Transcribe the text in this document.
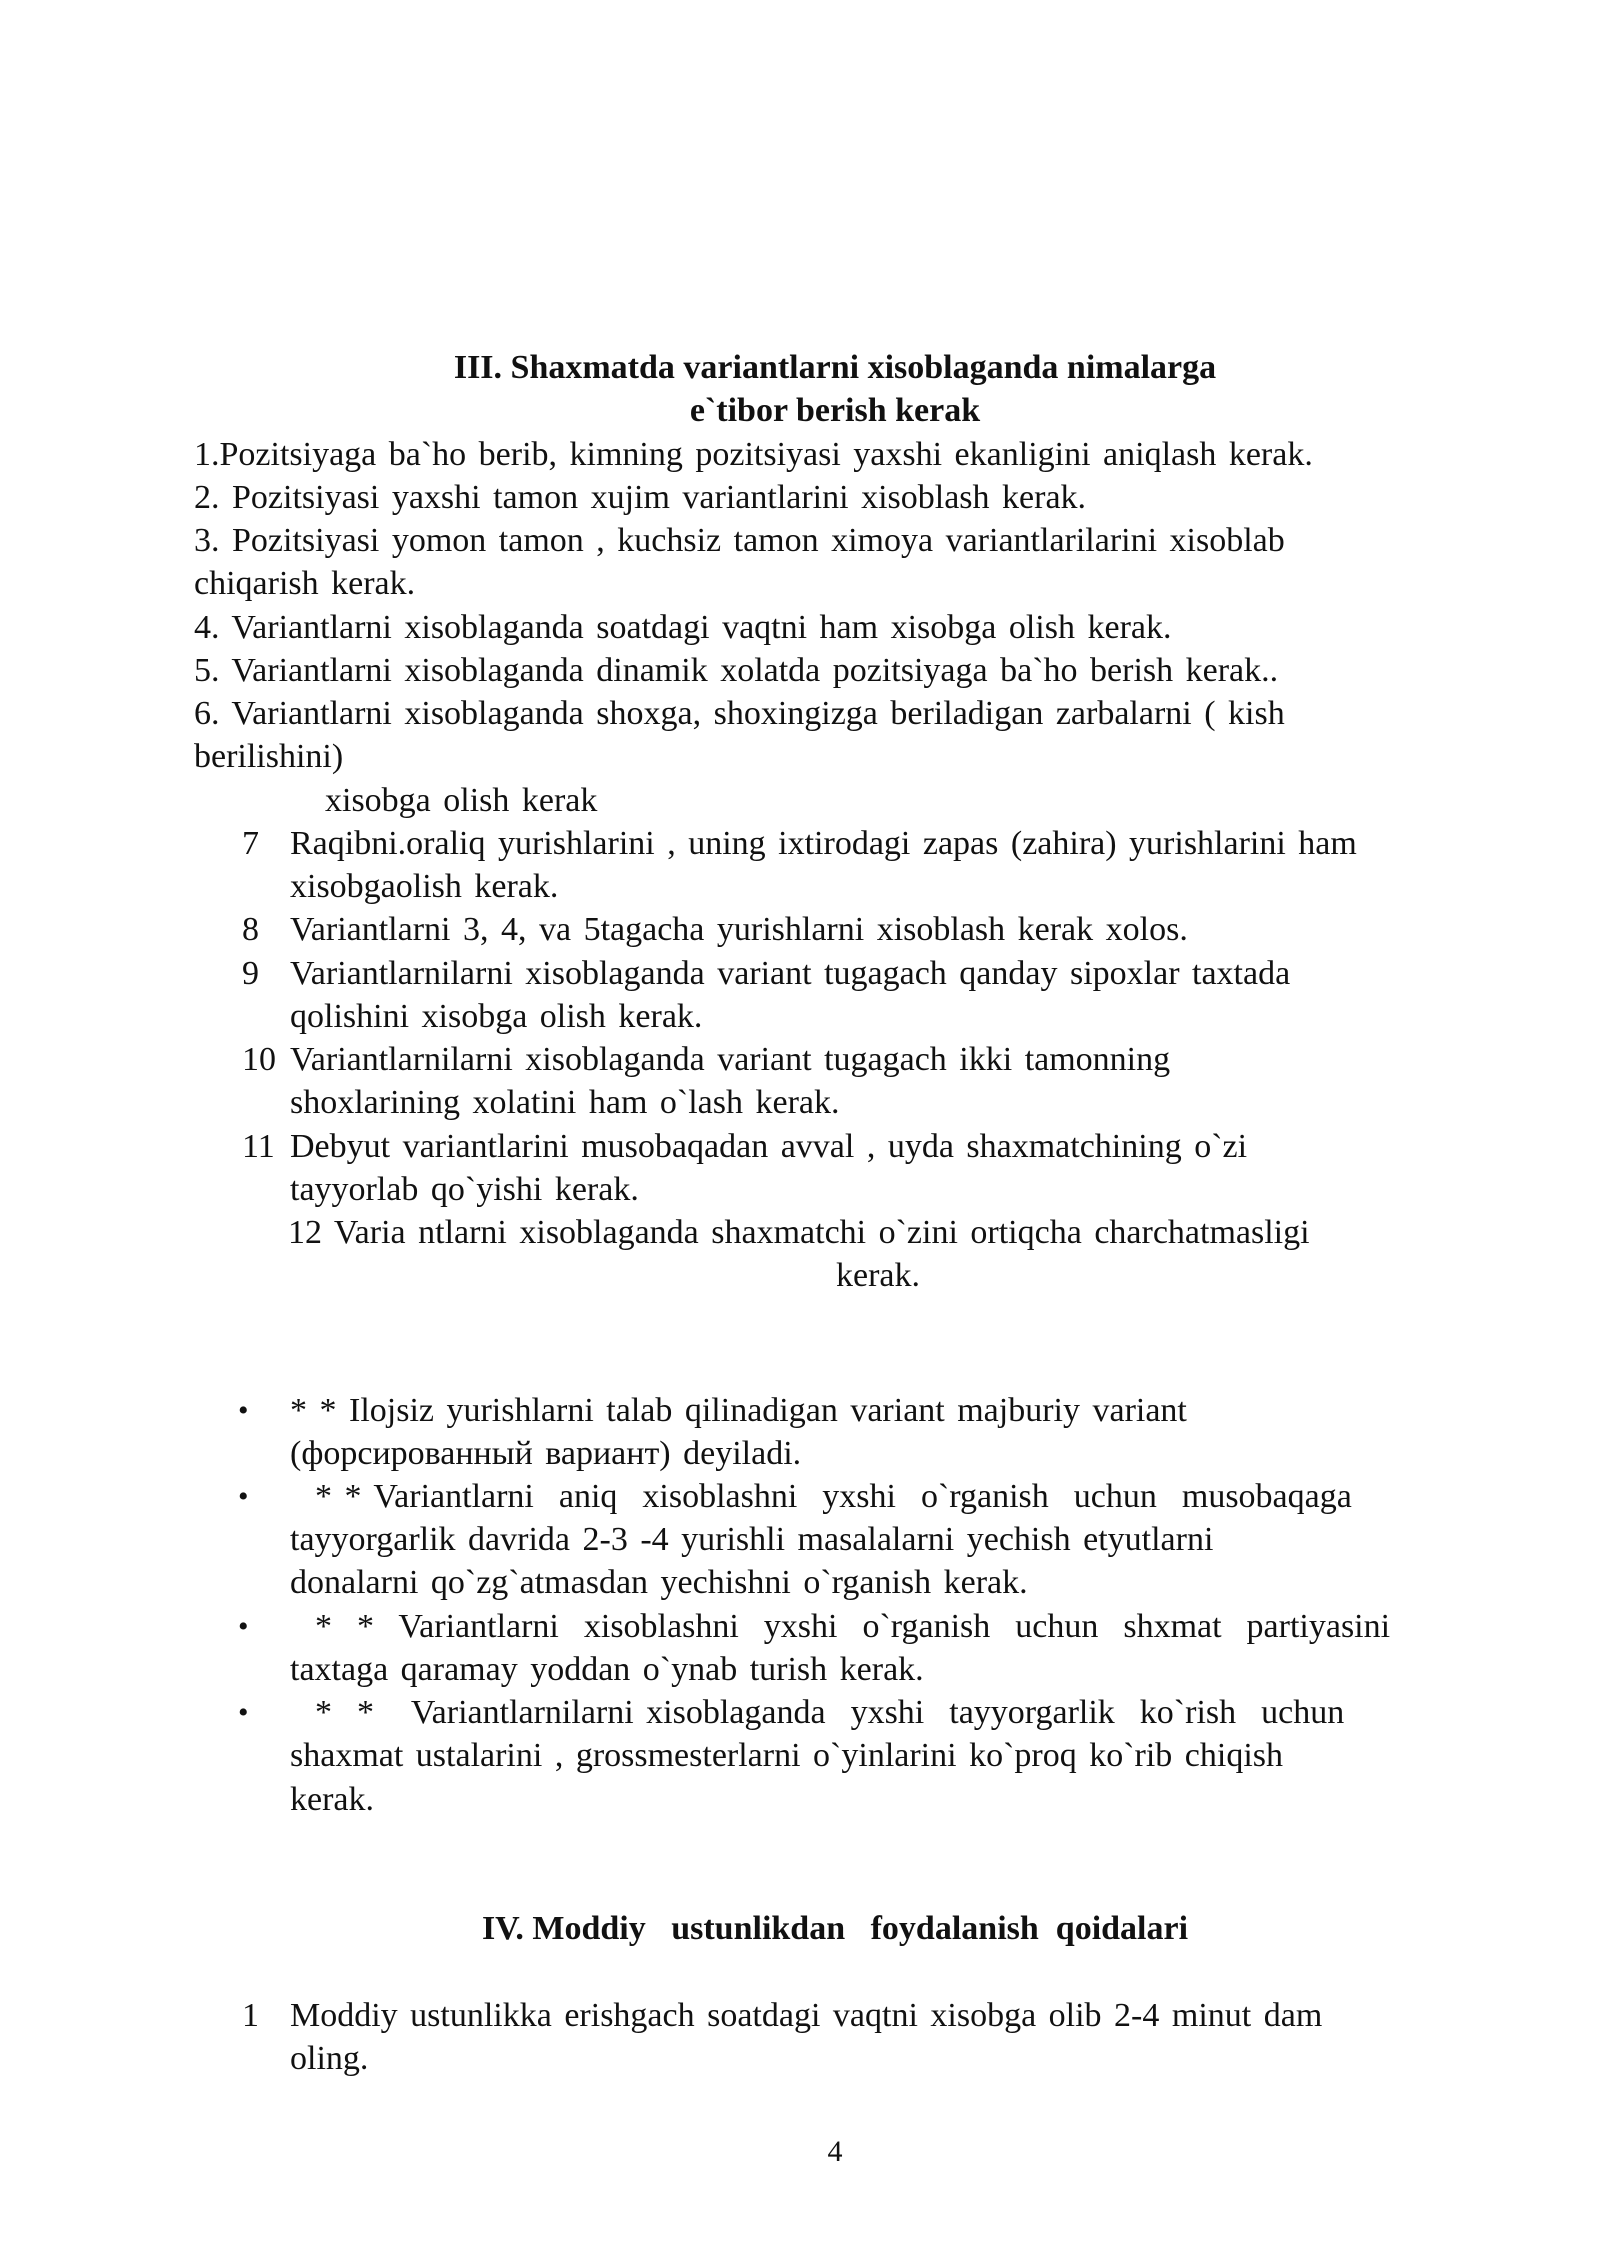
III. Shaxmatda variantlarni xisoblaganda nimalarga
e`tibor berish kerak
1.Pozitsiyaga ba`ho berib, kimning pozitsiyasi yaxshi ekanligini aniqlash kerak.
2. Pozitsiyasi yaxshi tamon xujim variantlarini xisoblash kerak.
3. Pozitsiyasi yomon tamon , kuchsiz tamon ximoya variantlarilarini xisoblab
chiqarish kerak.
4. Variantlarni xisoblaganda soatdagi vaqtni ham xisobga olish kerak.
5. Variantlarni xisoblaganda dinamik xolatda pozitsiyaga ba`ho berish kerak..
6. Variantlarni xisoblaganda shoxga, shoxingizga beriladigan zarbalarni ( kish
berilishini)
xisobga olish kerak
7 Raqibni.oraliq yurishlarini , uning ixtirodagi zapas (zahira) yurishlarini ham
xisobgaolish kerak.
8 Variantlarni 3, 4, va 5tagacha yurishlarni xisoblash kerak xolos.
9 Variantlarnilarni xisoblaganda variant tugagach qanday sipoxlar taxtada
qolishini xisobga olish kerak.
10 Variantlarnilarni xisoblaganda variant tugagach ikki tamonning
shoxlarining xolatini ham o`lash kerak.
11 Debyut variantlarini musobaqadan avval , uyda shaxmatchining o`zi
tayyorlab qo`yishi kerak.
12 Varia ntlarni xisoblaganda shaxmatchi o`zini ortiqcha charchatmasligi
kerak.
• * * Ilojsiz yurishlarni talab qilinadigan variant majburiy variant
(форсированный вариант) deyiladi.
• * * Variantlarni  aniq  xisoblashni  yxshi  o`rganish  uchun  musobaqaga
tayyorgarlik davrida 2-3 -4 yurishli masalalarni yechish etyutlarni
donalarni qo`zg`atmasdan yechishni o`rganish kerak.
• *  *  Variantlarni  xisoblashni  yxshi  o`rganish  uchun  shxmat  partiyasini
taxtaga qaramay yoddan o`ynab turish kerak.
• *  *   Variantlarnilarni xisoblaganda  yxshi  tayyorgarlik  ko`rish  uchun
shaxmat ustalarini , grossmesterlarni o`yinlarini ko`proq ko`rib chiqish
kerak.
IV. Moddiy   ustunlikdan   foydalanish  qoidalari
1 Moddiy ustunlikka erishgach soatdagi vaqtni xisobga olib 2-4 minut dam
oling.
4
